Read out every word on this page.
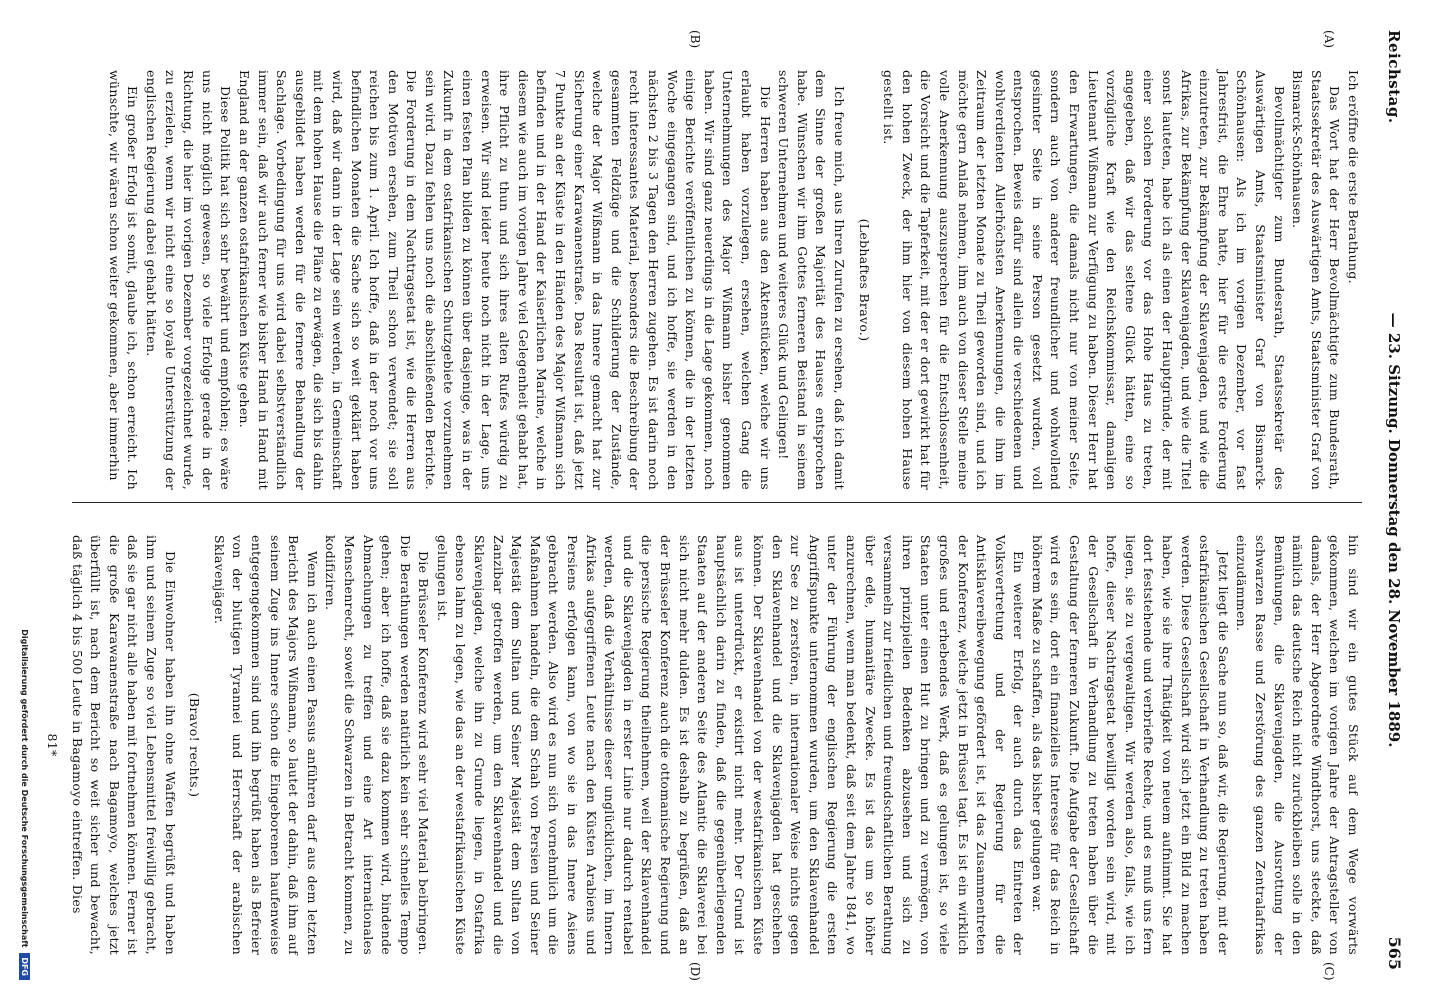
Reichstag.
— 23. Sitzung. Donnerstag den 28. November 1889.
565
(A)
(B)
(C)
(D)

Ich eröffne die erste Berathung.

Das Wort hat der Herr Bevollmächtigte zum Bundesrath, Staatssekretär des Auswärtigen Amts, Staatsminister Graf von Bismarck-Schönhausen.

Bevollmächtigter zum Bundesrath, Staatssekretär des Auswärtigen Amts, Staatsminister Graf von Bismarck-Schönhausen: Als ich im vorigen Dezember, vor fast Jahresfrist, die Ehre hatte, hier für die erste Forderung einzutreten, zur Bekämpfung der Sklavenjagden, und wie die Afrikas, zur Bekämpfung der Sklavenjagden, und wie die Titel sonst lauteten, habe ich als einen der Hauptgründe, der mit einer solchen Forderung vor das Hohe Haus zu treten, angegeben, daß wir das seltene Glück hätten, eine so vorzügliche Kraft wie den Reichskommissar, damaligen Lieutenant Wißmann zur Verfügung zu haben. Dieser Herr hat den Erwartungen, die damals nicht nur von meiner Seite, sondern auch von anderer freundlicher und wohlwollend gesinnter Seite in seine Person gesetzt wurden, voll entsprochen. Beweis dafür sind allein die verschiedenen und wohlverdienten Allerhöchsten Anerkennungen, die ihm im Zeitraum der letzten Monate zu Theil geworden sind, und ich möchte gern Anlaß nehmen, ihm auch von dieser Stelle meine volle Anerkennung auszusprechen für die Entschlossenheit, die Vorsicht und die Tapferkeit, mit der er dort gewirkt hat für den hohen Zweck, der ihm hier von diesem hohen Hause gestellt ist.

(Lebhaftes Bravo.)

Ich freue mich, aus Ihren Zurufen zu ersehen, daß ich damit dem Sinne der großen Majorität des Hauses entsprochen habe. Wünschen wir ihm Gottes ferneren Beistand in seinem schweren Unternehmen und weiteres Glück und Gelingen!

Die Herren haben aus den Aktenstücken, welche wir uns erlaubt haben vorzulegen, ersehen, welchen Gang die Unternehmungen des Major Wißmann bisher genommen haben. Wir sind ganz neuerdings in die Lage gekommen, noch einige Berichte veröffentlichen zu können, die in der letzten Woche eingegangen sind, und ich hoffe, sie werden in den nächsten 2 bis 3 Tagen den Herren zugehen. Es ist darin noch recht interessantes Material, besonders die Beschreibung der gesammten Feldzüge und die Schilderung der Zustände, welche der Major Wißmann in das Innere gemacht hat zur Sicherung einer Karawanenstraße. Das Resultat ist, daß jetzt 7 Punkte an der Küste in den Händen des Major Wißmann sich befinden und in der Hand der Kaiserlichen Marine, welche in diesem wie auch im vorigen Jahre viel Gelegenheit gehabt hat, ihre Pflicht zu thun und sich ihres alten Rufes würdig zu erweisen. Wir sind leider heute noch nicht in der Lage, uns einen festen Plan bilden zu können über dasjenige, was in der Zukunft in dem ostafrikanischen Schutzgebiete vorzunehmen sein wird. Dazu fehlen uns noch die abschließenden Berichte. Die Forderung in dem Nachtragsetat ist, wie die Herren aus den Motiven ersehen, zum Theil schon verwendet; sie soll reichen bis zum 1. April. Ich hoffe, daß in der noch vor uns befindlichen Monaten die Sache sich so weit geklärt haben wird, daß wir dann in der Lage sein werden, in Gemeinschaft mit dem hohen Hause die Pläne zu erwägen, die sich bis dahin ausgebildet haben werden für die fernere Behandlung der Sachlage. Vorbedingung für uns wird dabei selbstverständlich immer sein, daß wir auch ferner wie bisher Hand in Hand mit England an der ganzen ostafrikanischen Küste gehen.

Diese Politik hat sich sehr bewährt und empfohlen; es wäre uns nicht möglich gewesen, so viele Erfolge gerade in der Richtung, die hier im vorigen Dezember vorgezeichnet wurde, zu erzielen, wenn wir nicht eine so loyale Unterstützung der englischen Regierung dabei gehabt hätten.

Ein großer Erfolg ist somit, glaube ich, schon erreicht. Ich wünschte, wir wären schon weiter gekommen, aber immerhin

hin sind wir ein gutes Stück auf dem Wege vorwärts gekommen, welchen im vorigen Jahre der Antragsteller von damals, der Herr Abgeordnete Windthorst, uns steckte, daß nämlich das deutsche Reich nicht zurückbleiben solle in den Bemühungen, die Sklavenjagden, die Ausrottung der schwarzen Rasse und Zerstörung des ganzen Zentralafrikas einzudämmen.

Jetzt liegt die Sache nun so, daß wir, die Regierung, mit der ostafrikanischen Gesellschaft in Verhandlung zu treten haben werden. Diese Gesellschaft wird sich jetzt ein Bild zu machen haben, wie sie ihre Thätigkeit von neuem aufnimmt. Sie hat dort feststehende und verbriefte Rechte, und es muß uns fern liegen, sie zu vergewaltigen. Wir werden also, falls, wie ich hoffe, dieser Nachtragsetat bewilligt worden sein wird, mit der Gesellschaft in Verhandlung zu treten haben über die Gestaltung der ferneren Zukunft. Die Aufgabe der Gesellschaft wird es sein, dort ein finanzielles Interesse für das Reich in höherem Maße zu schaffen, als das bisher gelungen war.

Ein weiterer Erfolg, der auch durch das Eintreten der Volksvertretung und der Regierung für die Antisklavereibewegung gefördert ist, ist das Zusammentreten der Konferenz, welche jetzt in Brüssel tagt. Es ist ein wirklich großes und erhebendes Werk, daß es gelungen ist, so viele Staaten unter einen Hut zu bringen und zu vermögen, von ihren prinzipiellen Bedenken abzusehen und sich zu versammeln zur friedlichen und freundschaftlichen Berathung über edle, humanitäre Zwecke. Es ist das um so höher anzurechnen, wenn man bedenkt, daß seit dem Jahre 1841, wo unter der Führung der englischen Regierung die ersten Angriffspunkte unternommen wurden, um den Sklavenhandel zur See zu zerstören, in internationaler Weise nichts gegen den Sklavenhandel und die Sklavenjagden hat geschehen können. Der Sklavenhandel von der westafrikanischen Küste aus ist unterdrückt, er existirt nicht mehr. Der Grund ist hauptsächlich darin zu finden, daß die gegenüberliegenden Staaten auf der anderen Seite des Atlantic die Sklaverei bei sich nicht mehr dulden. Es ist deshalb zu begrüßen, daß an der Brüsseler Konferenz auch die ottomanische Regierung und die persische Regierung theilnehmen, weil der Sklavenhandel und die Sklavenjagden in erster Linie nur dadurch rentabel werden, daß die Verhältnisse dieser unglücklichen, im Innern Afrikas aufgegriffenen Leute nach den Küsten Arabiens und Persiens erfolgen kann, von wo sie in das Innere Asiens gebracht werden. Also wird es nun sich vornehmlich um die Maßnahmen handeln, die dem Schah von Persien und Seiner Majestät dem Sultan und Seiner Majestät dem Sultan von Zanzibar getroffen werden, um den Sklavenhandel und die Sklavenjagden, welche ihn zu Grunde liegen, in Ostafrika ebenso lahm zu legen, wie das an der westafrikanischen Küste gelungen ist.

Die Brüsseler Konferenz wird sehr viel Material beibringen. Die Berathungen werden natürlich kein sehr schnelles Tempo gehen; aber ich hoffe, daß sie dazu kommen wird, bindende Abmachungen zu treffen und eine Art internationales Menschenrecht, soweit die Schwarzen in Betracht kommen, zu kodifiziren.

Wenn ich auch einen Passus anführen darf aus dem letzten Bericht des Majors Wißmann, so lautet der dahin, daß ihm auf seinem Zuge ins Innere schon die Eingeborenen haufenweise entgegengekommen sind und ihn begrüßt haben als Befreier von der blutigen Tyrannei und Herrschaft der arabischen Sklavenjäger.

(Bravo! rechts.)

Die Einwohner haben ihn ohne Waffen begrüßt und haben ihm und seinem Zuge so viel Lebensmittel freiwillig gebracht, daß sie gar nicht alle haben mit fortnehmen können. Ferner ist die große Karawanenstraße nach Bagamoyo, welches jetzt überfüllt ist, nach dem Bericht so weit sicher und bewacht, daß täglich 4 bis 500 Leute in Bagamoyo eintreffen. Dies

81*

Digitalisierung gefördert durch die Deutsche Forschungsgemeinschaft DFG
